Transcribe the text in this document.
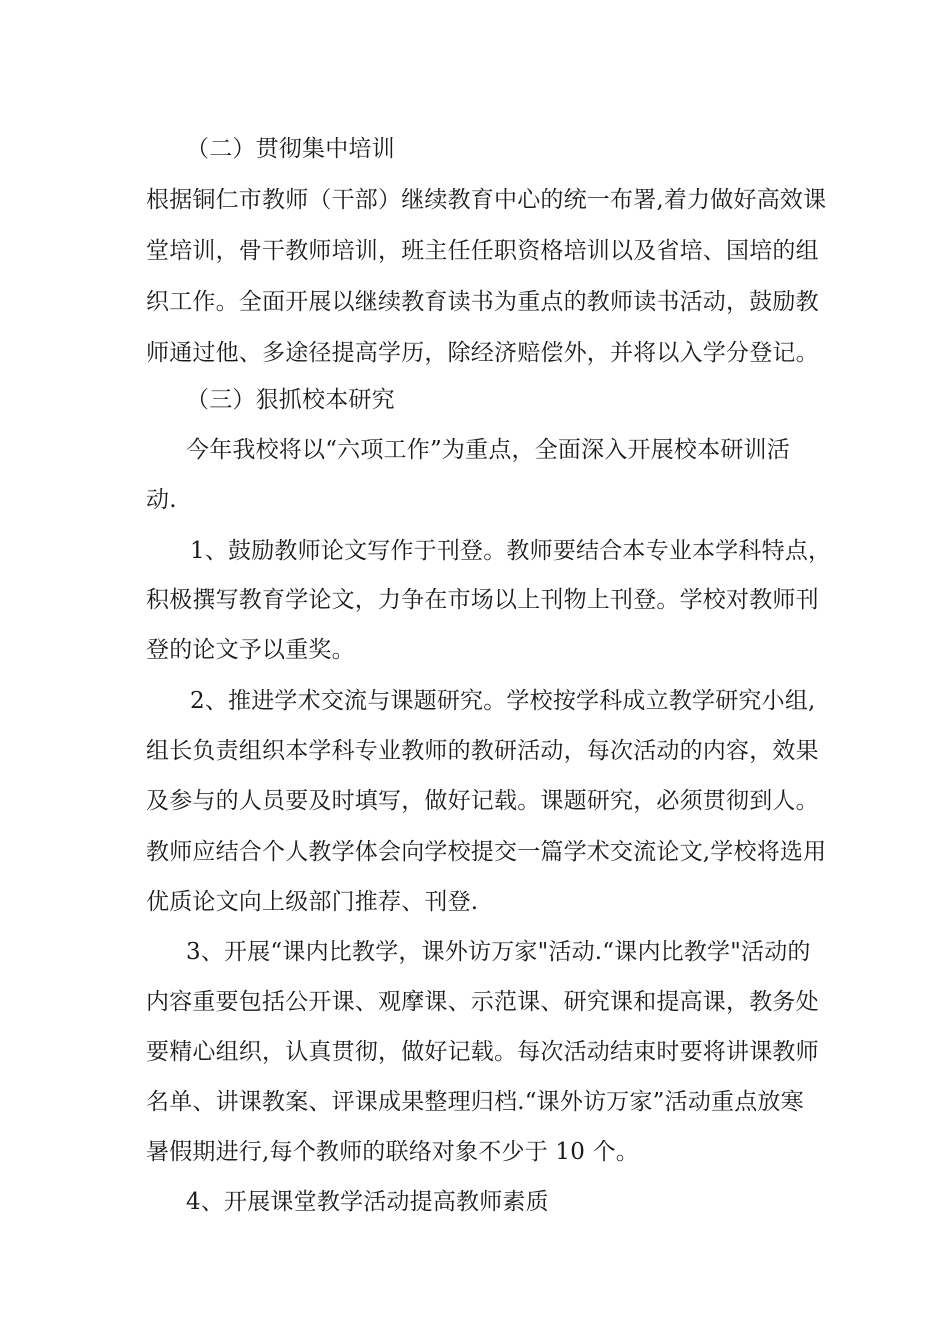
（二）贯彻集中培训
根据铜仁市教师（干部）继续教育中心的统一布署,着力做好高效课
堂培训，骨干教师培训，班主任任职资格培训以及省培、国培的组
织工作。全面开展以继续教育读书为重点的教师读书活动，鼓励教
师通过他、多途径提高学历，除经济赔偿外，并将以入学分登记。
（三）狠抓校本研究
今年我校将以“六项工作”为重点，全面深入开展校本研训活
动.
1、鼓励教师论文写作于刊登。教师要结合本专业本学科特点，
积极撰写教育学论文，力争在市场以上刊物上刊登。学校对教师刊
登的论文予以重奖。
2、推进学术交流与课题研究。学校按学科成立教学研究小组,
组长负责组织本学科专业教师的教研活动，每次活动的内容，效果
及参与的人员要及时填写，做好记载。课题研究，必须贯彻到人。
教师应结合个人教学体会向学校提交一篇学术交流论文,学校将选用
优质论文向上级部门推荐、刊登.
3、开展“课内比教学，课外访万家"活动.“课内比教学"活动的
内容重要包括公开课、观摩课、示范课、研究课和提高课，教务处
要精心组织，认真贯彻，做好记载。每次活动结束时要将讲课教师
名单、讲课教案、评课成果整理归档.“课外访万家”活动重点放寒
暑假期进行,每个教师的联络对象不少于 10 个。
4、开展课堂教学活动提高教师素质
